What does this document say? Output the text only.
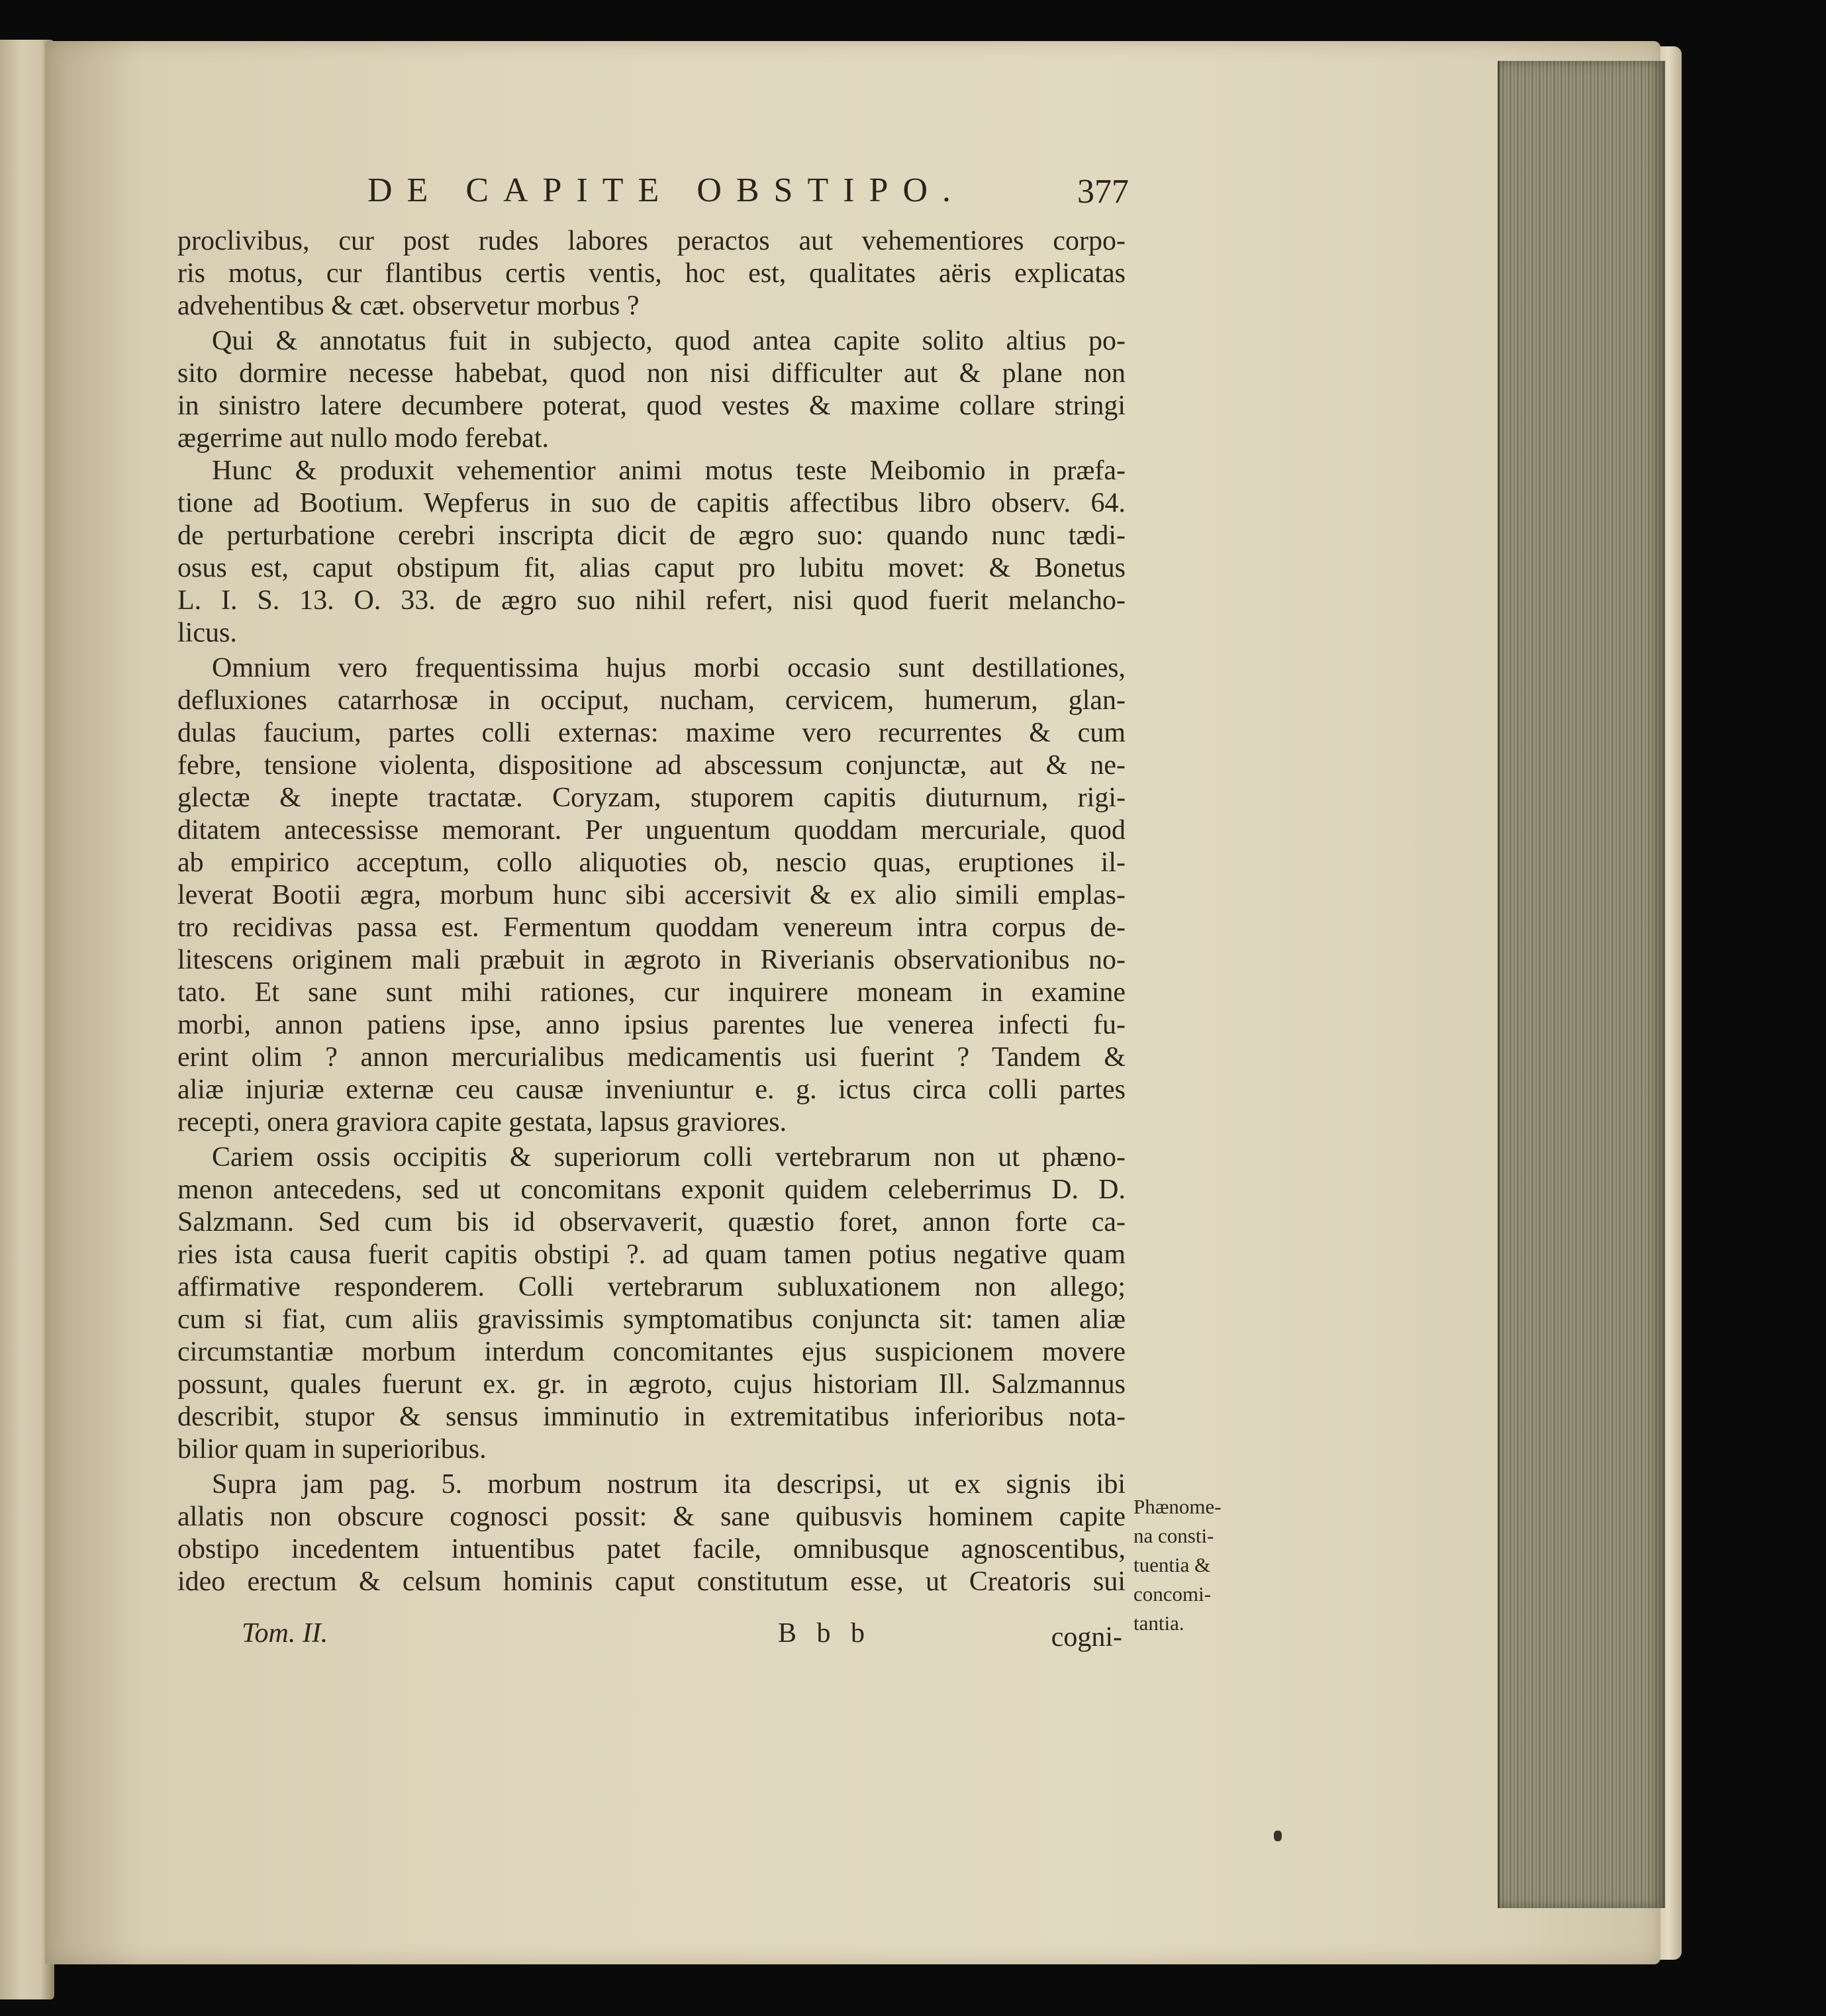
DE CAPITE OBSTIPO.	377
proclivibus, cur post rudes labores peractos aut vehementiores corpo-
ris motus, cur flantibus certis ventis, hoc est, qualitates aëris explicatas
advehentibus & cæt. observetur morbus ?
Qui & annotatus fuit in subjecto, quod antea capite solito altius po-
sito dormire necesse habebat, quod non nisi difficulter aut & plane non
in sinistro latere decumbere poterat, quod vestes & maxime collare stringi
ægerrime aut nullo modo ferebat.
Hunc & produxit vehementior animi motus teste Meibomio in præfa-
tione ad Bootium. Wepferus in suo de capitis affectibus libro observ. 64.
de perturbatione cerebri inscripta dicit de ægro suo: quando nunc tædi-
osus est, caput obstipum fit, alias caput pro lubitu movet: & Bonetus
L. I. S. 13. O. 33. de ægro suo nihil refert, nisi quod fuerit melancho-
licus.
Omnium vero frequentissima hujus morbi occasio sunt destillationes,
defluxiones catarrhosæ in occiput, nucham, cervicem, humerum, glan-
dulas faucium, partes colli externas: maxime vero recurrentes & cum
febre, tensione violenta, dispositione ad abscessum conjunctæ, aut & ne-
glectæ & inepte tractatæ. Coryzam, stuporem capitis diuturnum, rigi-
ditatem antecessisse memorant. Per unguentum quoddam mercuriale, quod
ab empirico acceptum, collo aliquoties ob, nescio quas, eruptiones il-
leverat Bootii ægra, morbum hunc sibi accersivit & ex alio simili emplas-
tro recidivas passa est. Fermentum quoddam venereum intra corpus de-
litescens originem mali præbuit in ægroto in Riverianis observationibus no-
tato. Et sane sunt mihi rationes, cur inquirere moneam in examine
morbi, annon patiens ipse, anno ipsius parentes lue venerea infecti fu-
erint olim ? annon mercurialibus medicamentis usi fuerint ? Tandem &
aliæ injuriæ externæ ceu causæ inveniuntur e. g. ictus circa colli partes
recepti, onera graviora capite gestata, lapsus graviores.
Cariem ossis occipitis & superiorum colli vertebrarum non ut phæno-
menon antecedens, sed ut concomitans exponit quidem celeberrimus D. D.
Salzmann. Sed cum bis id observaverit, quæstio foret, annon forte ca-
ries ista causa fuerit capitis obstipi ?. ad quam tamen potius negative quam
affirmative responderem. Colli vertebrarum subluxationem non allego;
cum si fiat, cum aliis gravissimis symptomatibus conjuncta sit: tamen aliæ
circumstantiæ morbum interdum concomitantes ejus suspicionem movere
possunt, quales fuerunt ex. gr. in ægroto, cujus historiam Ill. Salzmannus
describit, stupor & sensus imminutio in extremitatibus inferioribus nota-
bilior quam in superioribus.
Supra jam pag. 5. morbum nostrum ita descripsi, ut ex signis ibi
allatis non obscure cognosci possit: & sane quibusvis hominem capite
obstipo incedentem intuentibus patet facile, omnibusque agnoscentibus,
ideo erectum & celsum hominis caput constitutum esse, ut Creatoris sui
Phænome-
na consti-
tuentia &
concomi-
tantia.
Tom. II.	B b b	cogni-
